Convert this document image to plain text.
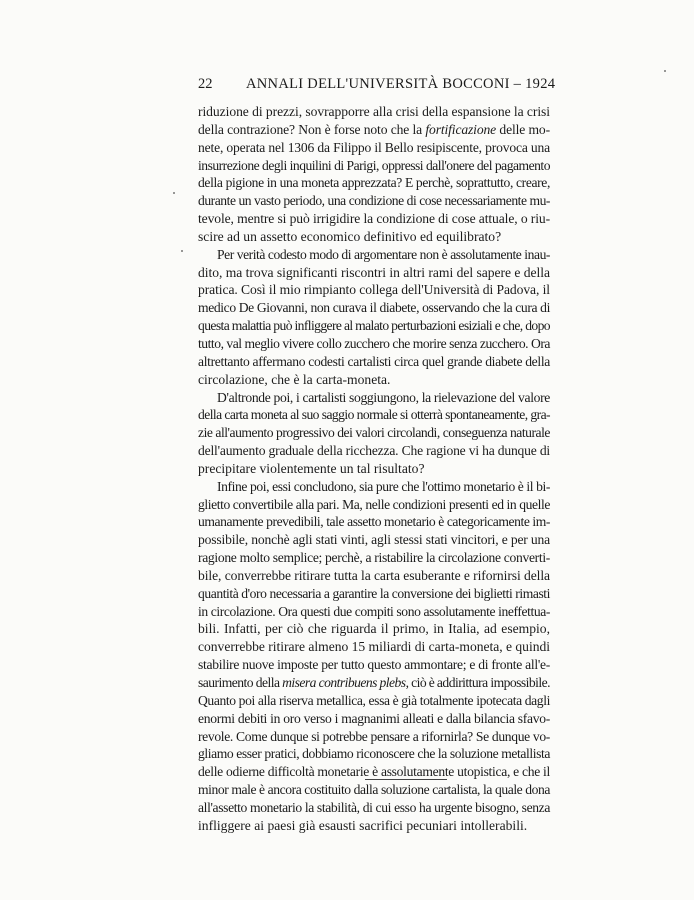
22 ANNALI DELL'UNIVERSITÀ BOCCONI – 1924
riduzione di prezzi, sovrapporre alla crisi della espansione la crisi
della contrazione? Non è forse noto che la fortificazione delle mo-
nete, operata nel 1306 da Filippo il Bello resipiscente, provoca una
insurrezione degli inquilini di Parigi, oppressi dall'onere del pagamento
della pigione in una moneta apprezzata? E perchè, soprattutto, creare,
durante un vasto periodo, una condizione di cose necessariamente mu-
tevole, mentre si può irrigidire la condizione di cose attuale, o riu-
scire ad un assetto economico definitivo ed equilibrato?
Per verità codesto modo di argomentare non è assolutamente inau-
dito, ma trova significanti riscontri in altri rami del sapere e della
pratica. Così il mio rimpianto collega dell'Università di Padova, il
medico De Giovanni, non curava il diabete, osservando che la cura di
questa malattia può infliggere al malato perturbazioni esiziali e che, dopo
tutto, val meglio vivere collo zucchero che morire senza zucchero. Ora
altrettanto affermano codesti cartalisti circa quel grande diabete della
circolazione, che è la carta-moneta.
D'altronde poi, i cartalisti soggiungono, la rielevazione del valore
della carta moneta al suo saggio normale si otterrà spontaneamente, gra-
zie all'aumento progressivo dei valori circolandi, conseguenza naturale
dell'aumento graduale della ricchezza. Che ragione vi ha dunque di
precipitare violentemente un tal risultato?
Infine poi, essi concludono, sia pure che l'ottimo monetario è il bi-
glietto convertibile alla pari. Ma, nelle condizioni presenti ed in quelle
umanamente prevedibili, tale assetto monetario è categoricamente im-
possibile, nonchè agli stati vinti, agli stessi stati vincitori, e per una
ragione molto semplice; perchè, a ristabilire la circolazione converti-
bile, converrebbe ritirare tutta la carta esuberante e rifornirsi della
quantità d'oro necessaria a garantire la conversione dei biglietti rimasti
in circolazione. Ora questi due compiti sono assolutamente ineffettua-
bili. Infatti, per ciò che riguarda il primo, in Italia, ad esempio,
converrebbe ritirare almeno 15 miliardi di carta-moneta, e quindi
stabilire nuove imposte per tutto questo ammontare; e di fronte all'e-
saurimento della misera contribuens plebs, ciò è addirittura impossibile.
Quanto poi alla riserva metallica, essa è già totalmente ipotecata dagli
enormi debiti in oro verso i magnanimi alleati e dalla bilancia sfavo-
revole. Come dunque si potrebbe pensare a rifornirla? Se dunque vo-
gliamo esser pratici, dobbiamo riconoscere che la soluzione metallista
delle odierne difficoltà monetarie è assolutamente utopistica, e che il
minor male è ancora costituito dalla soluzione cartalista, la quale dona
all'assetto monetario la stabilità, di cui esso ha urgente bisogno, senza
infliggere ai paesi già esausti sacrifici pecuniari intollerabili.
